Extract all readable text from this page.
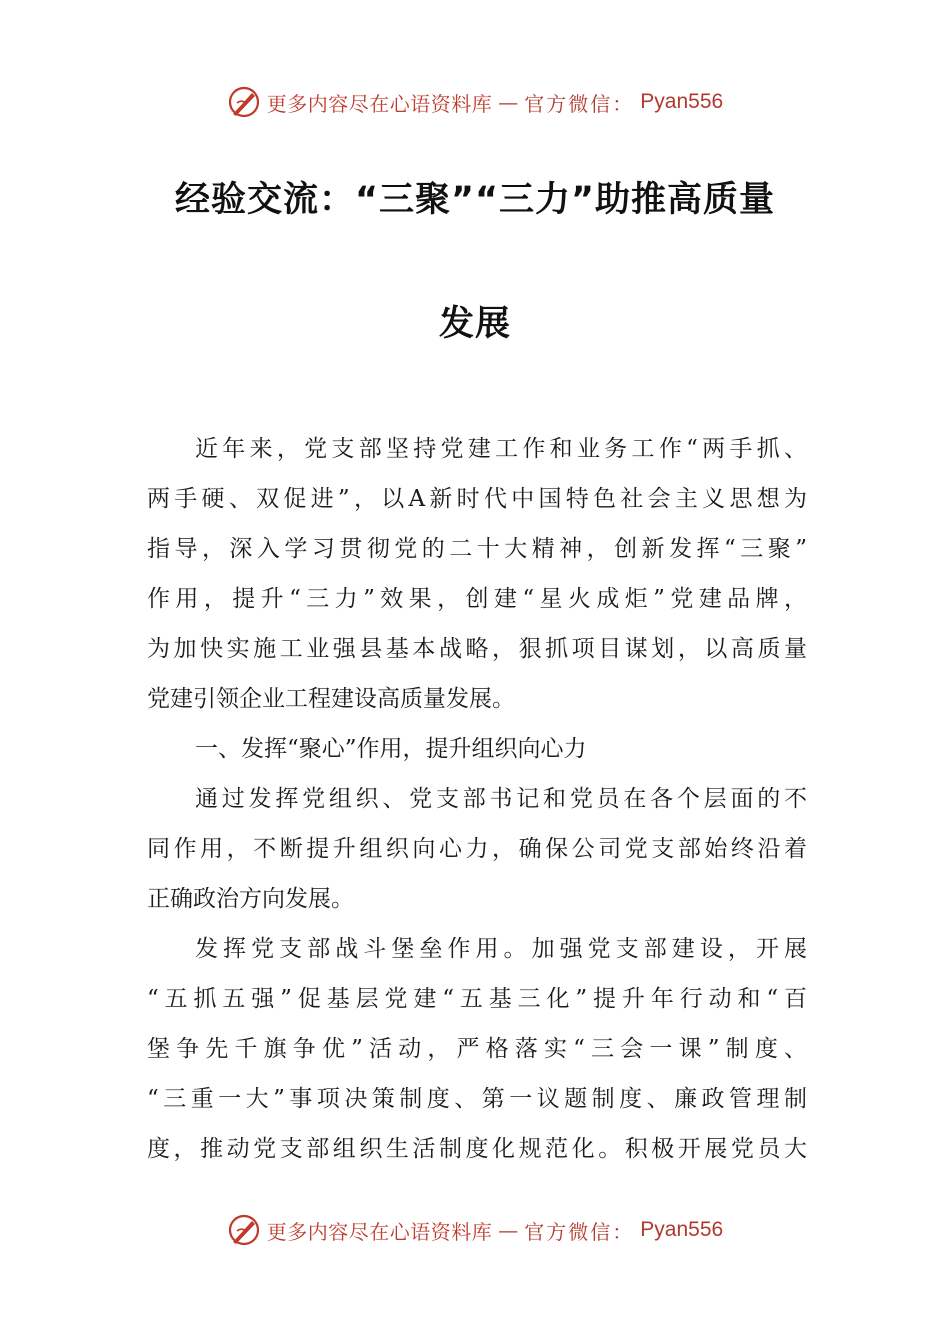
更多内容尽在心语资料库 — 官方微信： Pyan556
经验交流：“三聚”“三力”助推高质量
发展
近年来，党支部坚持党建工作和业务工作“两手抓、
两手硬、双促进”，以A新时代中国特色社会主义思想为
指导，深入学习贯彻党的二十大精神，创新发挥“三聚”
作用，提升“三力”效果，创建“星火成炬”党建品牌，
为加快实施工业强县基本战略，狠抓项目谋划，以高质量
党建引领企业工程建设高质量发展。
一、发挥“聚心”作用，提升组织向心力
通过发挥党组织、党支部书记和党员在各个层面的不
同作用，不断提升组织向心力，确保公司党支部始终沿着
正确政治方向发展。
发挥党支部战斗堡垒作用。加强党支部建设，开展
“五抓五强”促基层党建“五基三化”提升年行动和“百
堡争先千旗争优”活动，严格落实“三会一课”制度、
“三重一大”事项决策制度、第一议题制度、廉政管理制
度，推动党支部组织生活制度化规范化。积极开展党员大
更多内容尽在心语资料库 — 官方微信： Pyan556
